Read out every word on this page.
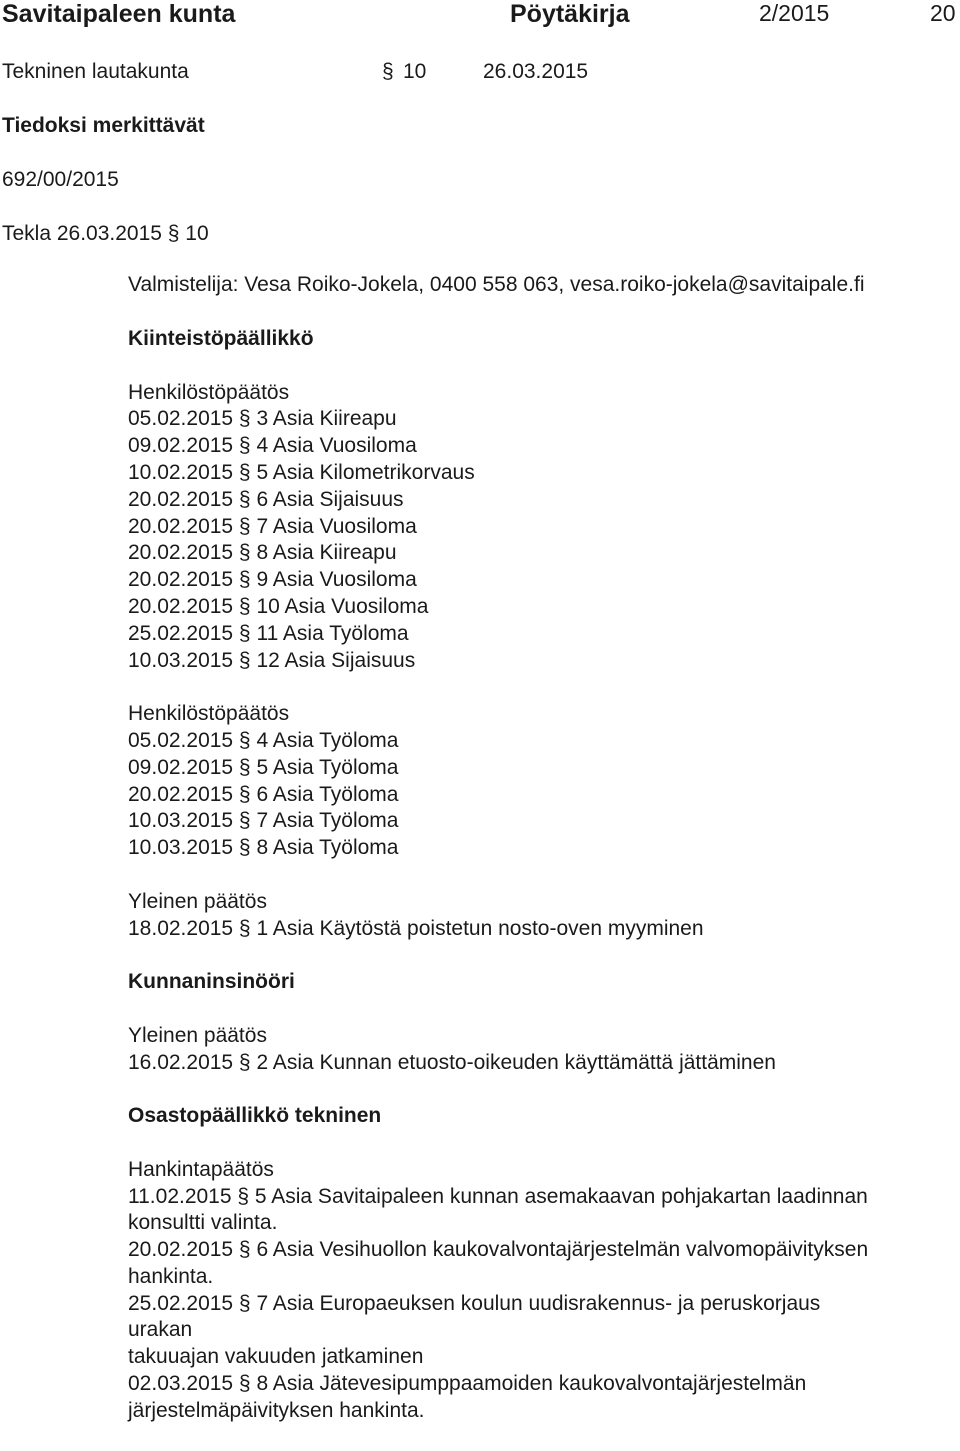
Savitaipaleen kunta	Pöytäkirja	2/2015	20
Tekninen lautakunta	§ 10	26.03.2015
Tiedoksi merkittävät
692/00/2015
Tekla 26.03.2015 § 10
Valmistelija: Vesa Roiko-Jokela, 0400 558 063, vesa.roiko-jokela@savitaipale.fi
Kiinteistöpäällikkö
Henkilöstöpäätös
05.02.2015 § 3 Asia Kiireapu
09.02.2015 § 4 Asia Vuosiloma
10.02.2015 § 5 Asia Kilometrikorvaus
20.02.2015 § 6 Asia Sijaisuus
20.02.2015 § 7 Asia Vuosiloma
20.02.2015 § 8 Asia Kiireapu
20.02.2015 § 9 Asia Vuosiloma
20.02.2015 § 10 Asia Vuosiloma
25.02.2015 § 11 Asia Työloma
10.03.2015 § 12 Asia Sijaisuus
Henkilöstöpäätös
05.02.2015 § 4 Asia Työloma
09.02.2015 § 5 Asia Työloma
20.02.2015 § 6 Asia Työloma
10.03.2015 § 7 Asia Työloma
10.03.2015 § 8 Asia Työloma
Yleinen päätös
18.02.2015 § 1 Asia Käytöstä poistetun nosto-oven myyminen
Kunnaninsinööri
Yleinen päätös
16.02.2015 § 2 Asia Kunnan etuosto-oikeuden käyttämättä jättäminen
Osastopäällikkö tekninen
Hankintapäätös
11.02.2015 § 5 Asia Savitaipaleen kunnan asemakaavan pohjakartan laadinnan
konsultti valinta.
20.02.2015 § 6 Asia Vesihuollon kaukovalvontajärjestelmän valvomopäivityksen
hankinta.
25.02.2015 § 7 Asia Europaeuksen koulun uudisrakennus- ja peruskorjaus
urakan
takuuajan vakuuden jatkaminen
02.03.2015 § 8 Asia Jätevesipumppaamoiden kaukovalvontajärjestelmän
järjestelmäpäivityksen hankinta.
